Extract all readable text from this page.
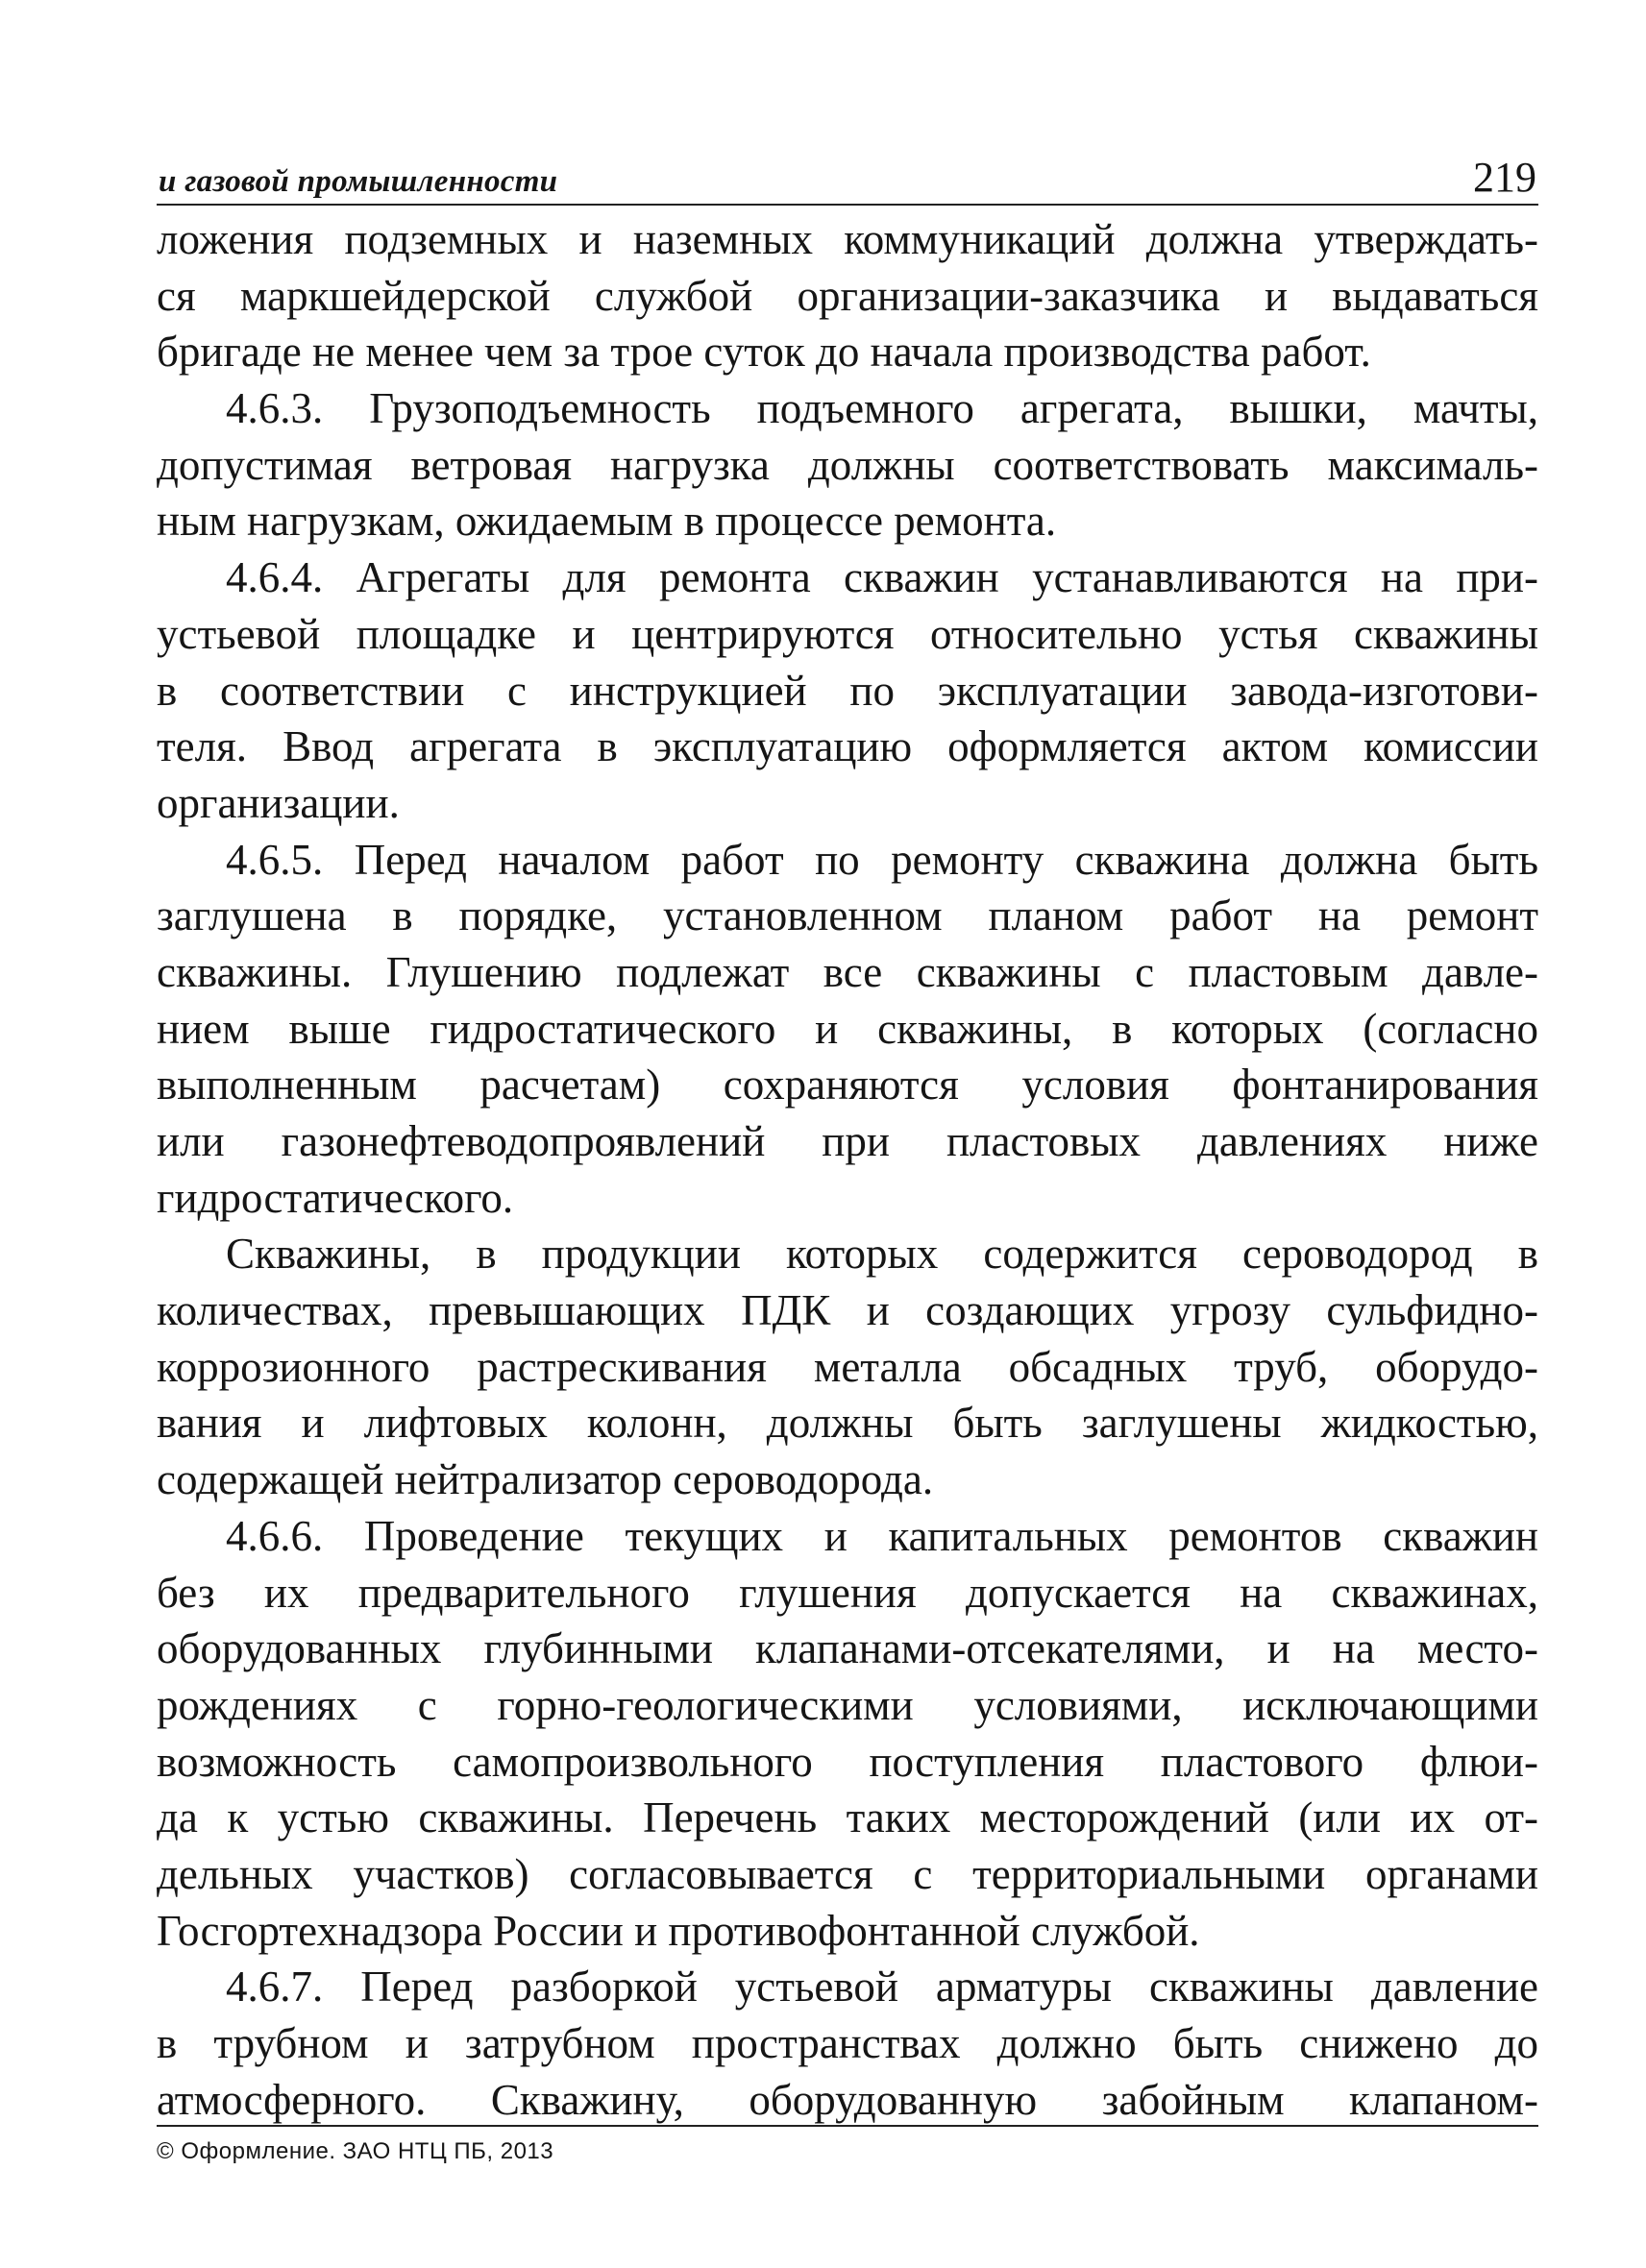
и газовой промышленности	219
ложения подземных и наземных коммуникаций должна утверждать-
ся маркшейдерской службой организации-заказчика и выдаваться
бригаде не менее чем за трое суток до начала производства работ.
4.6.3. Грузоподъемность подъемного агрегата, вышки, мачты,
допустимая ветровая нагрузка должны соответствовать максималь-
ным нагрузкам, ожидаемым в процессе ремонта.
4.6.4. Агрегаты для ремонта скважин устанавливаются на при-
устьевой площадке и центрируются относительно устья скважины
в соответствии с инструкцией по эксплуатации завода-изготови-
теля. Ввод агрегата в эксплуатацию оформляется актом комиссии
организации.
4.6.5. Перед началом работ по ремонту скважина должна быть
заглушена в порядке, установленном планом работ на ремонт
скважины. Глушению подлежат все скважины с пластовым давле-
нием выше гидростатического и скважины, в которых (согласно
выполненным расчетам) сохраняются условия фонтанирования
или газонефтеводопроявлений при пластовых давлениях ниже
гидростатического.
Скважины, в продукции которых содержится сероводород в
количествах, превышающих ПДК и создающих угрозу сульфидно-
коррозионного растрескивания металла обсадных труб, оборудо-
вания и лифтовых колонн, должны быть заглушены жидкостью,
содержащей нейтрализатор сероводорода.
4.6.6. Проведение текущих и капитальных ремонтов скважин
без их предварительного глушения допускается на скважинах,
оборудованных глубинными клапанами-отсекателями, и на место-
рождениях с горно-геологическими условиями, исключающими
возможность самопроизвольного поступления пластового флюи-
да к устью скважины. Перечень таких месторождений (или их от-
дельных участков) согласовывается с территориальными органами
Госгортехнадзора России и противофонтанной службой.
4.6.7. Перед разборкой устьевой арматуры скважины давление
в трубном и затрубном пространствах должно быть снижено до
атмосферного. Скважину, оборудованную забойным клапаном-
© Оформление. ЗАО НТЦ ПБ, 2013
